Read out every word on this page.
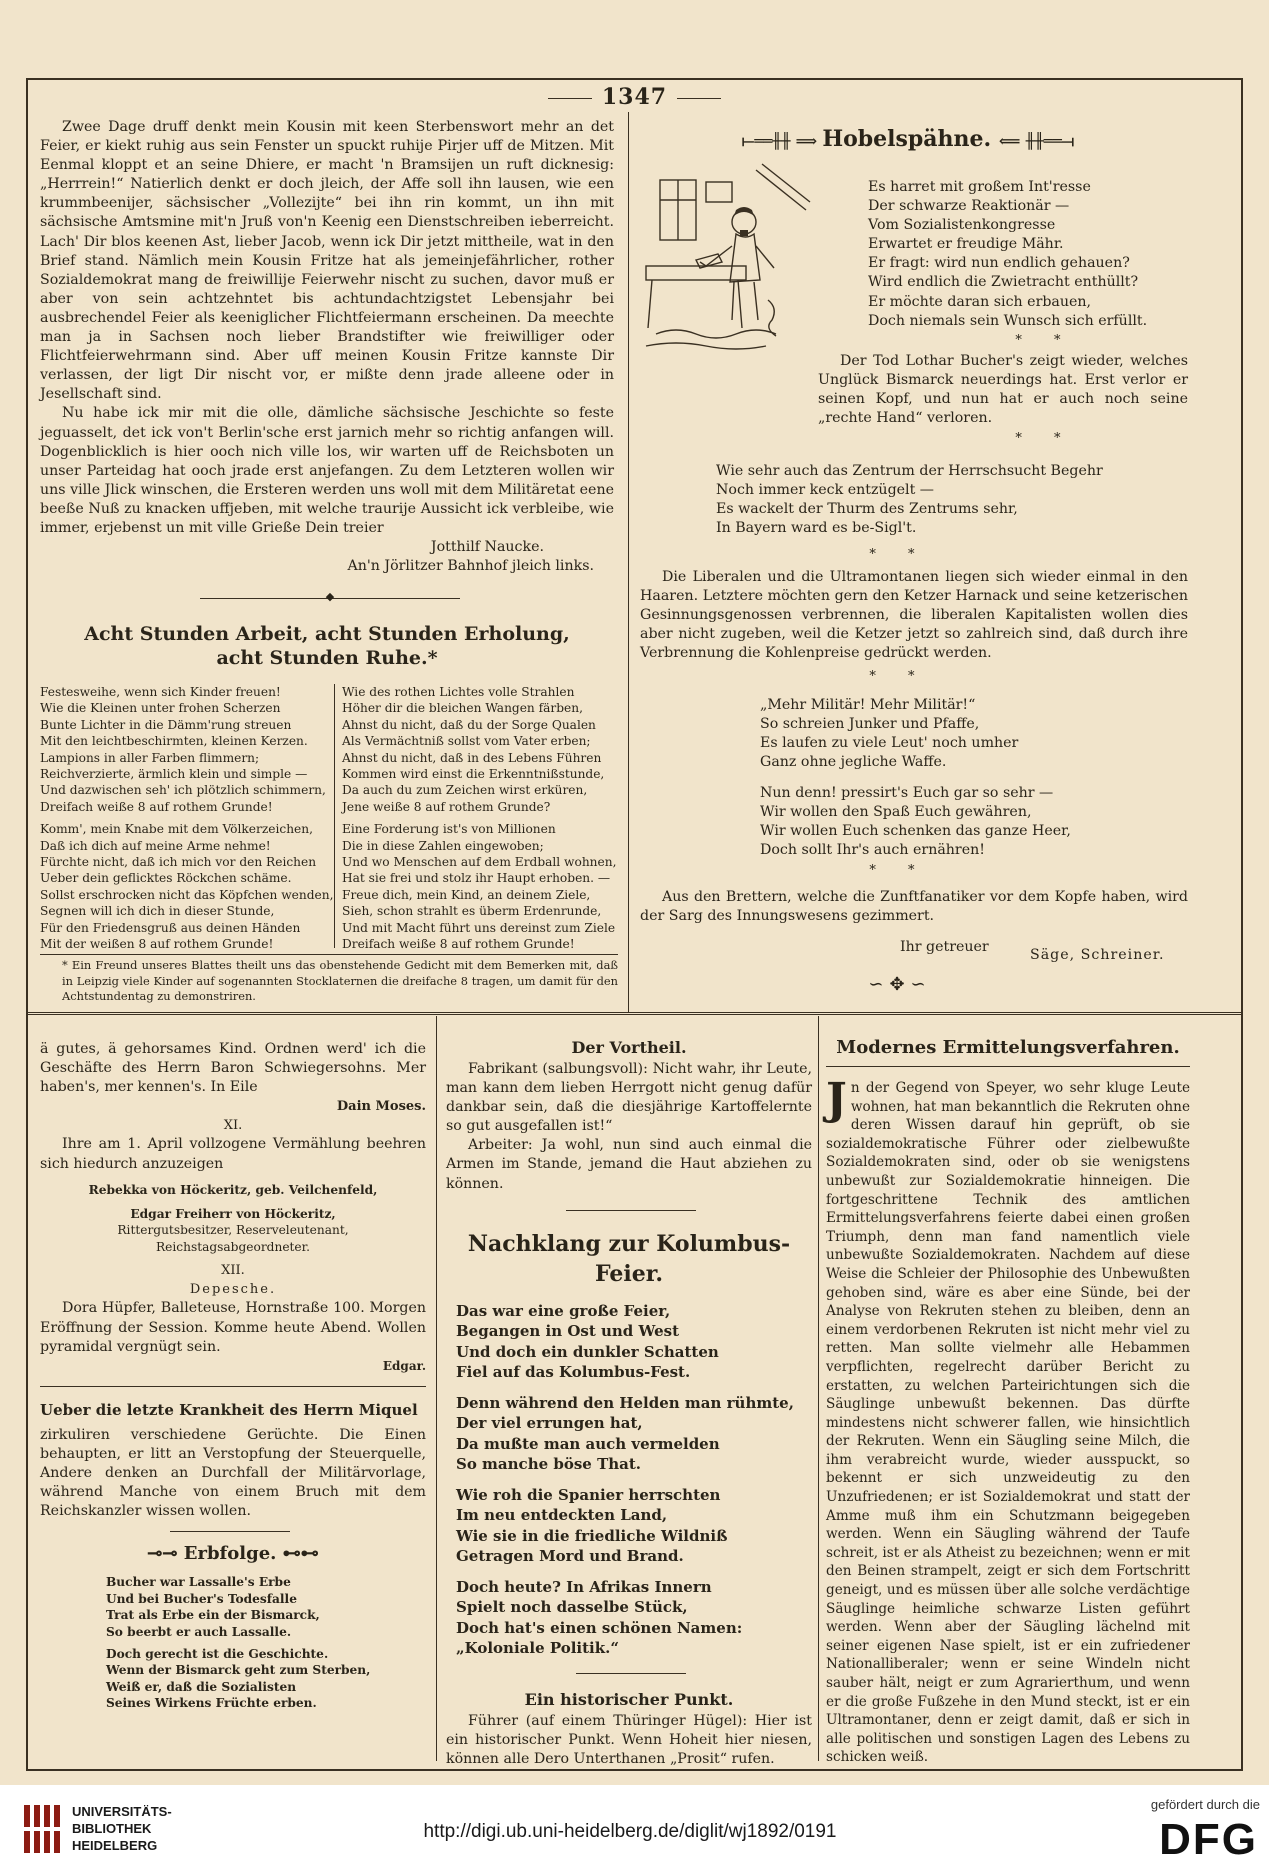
1347

Zwee Dage druff denkt mein Kousin mit keen Sterbenswort mehr an det Feier, er kiekt ruhig aus sein Fenster un spuckt ruhije Pirjer uff de Mitzen. Mit Eenmal kloppt et an seine Dhiere, er macht 'n Bramsijen un ruft dicknesig: „Herrrein!“ Natierlich denkt er doch jleich, der Affe soll ihn lausen, wie een krummbeenijer, sächsischer „Vollezijte“ bei ihn rin kommt, un ihn mit sächsische Amtsmine mit'n Jruß von'n Keenig een Dienstschreiben ieberreicht. Lach' Dir blos keenen Ast, lieber Jacob, wenn ick Dir jetzt mittheile, wat in den Brief stand. Nämlich mein Kousin Fritze hat als jemeinjefährlicher, rother Sozialdemokrat mang de freiwillije Feierwehr nischt zu suchen, davor muß er aber von sein achtzehntet bis achtundachtzigstet Lebensjahr bei ausbrechendel Feier als keeniglicher Flichtfeiermann erscheinen. Da meechte man ja in Sachsen noch lieber Brandstifter wie freiwilliger oder Flichtfeierwehrmann sind. Aber uff meinen Kousin Fritze kannste Dir verlassen, der ligt Dir nischt vor, er mißte denn jrade alleene oder in Jesellschaft sind.

Nu habe ick mir mit die olle, dämliche sächsische Jeschichte so feste jeguasselt, det ick von't Berlin'sche erst jarnich mehr so richtig anfangen will. Dogenblicklich is hier ooch nich ville los, wir warten uff de Reichsboten un unser Parteidag hat ooch jrade erst anjefangen. Zu dem Letzteren wollen wir uns ville Jlick winschen, die Ersteren werden uns woll mit dem Militäretat eene beeße Nuß zu knacken uffjeben, mit welche traurije Aussicht ick verbleibe, wie immer, erjebenst un mit ville Grieße Dein treier

Jotthilf Naucke.
An'n Jörlitzer Bahnhof jleich links.
◆
Acht Stunden Arbeit, acht Stunden Erholung,
acht Stunden Ruhe.*
Festesweihe, wenn sich Kinder freuen!
Wie die Kleinen unter frohen Scherzen
Bunte Lichter in die Dämm'rung streuen
Mit den leichtbeschirmten, kleinen Kerzen.
Lampions in aller Farben flimmern;
Reichverzierte, ärmlich klein und simple —
Und dazwischen seh' ich plötzlich schimmern,
Dreifach weiße 8 auf rothem Grunde!

Komm', mein Knabe mit dem Völkerzeichen,
Daß ich dich auf meine Arme nehme!
Fürchte nicht, daß ich mich vor den Reichen
Ueber dein geflicktes Röckchen schäme.
Sollst erschrocken nicht das Köpfchen wenden,
Segnen will ich dich in dieser Stunde,
Für den Friedensgruß aus deinen Händen
Mit der weißen 8 auf rothem Grunde!
Wie des rothen Lichtes volle Strahlen
Höher dir die bleichen Wangen färben,
Ahnst du nicht, daß du der Sorge Qualen
Als Vermächtniß sollst vom Vater erben;
Ahnst du nicht, daß in des Lebens Führen
Kommen wird einst die Erkenntnißstunde,
Da auch du zum Zeichen wirst erküren,
Jene weiße 8 auf rothem Grunde?

Eine Forderung ist's von Millionen
Die in diese Zahlen eingewoben;
Und wo Menschen auf dem Erdball wohnen,
Hat sie frei und stolz ihr Haupt erhoben. —
Freue dich, mein Kind, an deinem Ziele,
Sieh, schon strahlt es überm Erdenrunde,
Und mit Macht führt uns dereinst zum Ziele
Dreifach weiße 8 auf rothem Grunde!
* Ein Freund unseres Blattes theilt uns das obenstehende Gedicht mit dem Bemerken mit, daß in Leipzig viele Kinder auf sogenannten Stocklaternen die dreifache 8 tragen, um damit für den Achtstundentag zu demonstriren.
⟝══╫╫ ⟹ Hobelspähne. ⟸ ╫╫══⟞
Es harret mit großem Int'resse
Der schwarze Reaktionär —
Vom Sozialistenkongresse
Erwartet er freudige Mähr.
Er fragt: wird nun endlich gehauen?
Wird endlich die Zwietracht enthüllt?
Er möchte daran sich erbauen,
Doch niemals sein Wunsch sich erfüllt.
* *
Der Tod Lothar Bucher's zeigt wieder, welches Unglück Bismarck neuerdings hat. Erst verlor er seinen Kopf, und nun hat er auch noch seine „rechte Hand“ verloren.
* *
Wie sehr auch das Zentrum der Herrschsucht Begehr
Noch immer keck entzügelt —
Es wackelt der Thurm des Zentrums sehr,
In Bayern ward es be-Sigl't.
* *
Die Liberalen und die Ultramontanen liegen sich wieder einmal in den Haaren. Letztere möchten gern den Ketzer Harnack und seine ketzerischen Gesinnungsgenossen verbrennen, die liberalen Kapitalisten wollen dies aber nicht zugeben, weil die Ketzer jetzt so zahlreich sind, daß durch ihre Verbrennung die Kohlenpreise gedrückt werden.
* *
„Mehr Militär! Mehr Militär!“
So schreien Junker und Pfaffe,
Es laufen zu viele Leut' noch umher
Ganz ohne jegliche Waffe.
Nun denn! pressirt's Euch gar so sehr —
Wir wollen den Spaß Euch gewähren,
Wir wollen Euch schenken das ganze Heer,
Doch sollt Ihr's auch ernähren!
* *
Aus den Brettern, welche die Zunftfanatiker vor dem Kopfe haben, wird der Sarg des Innungswesens gezimmert.
Ihr getreuer	Säge, Schreiner.
∽✥∽

ä gutes, ä gehorsames Kind. Ordnen werd' ich die Geschäfte des Herrn Baron Schwiegersohns. Mer haben's, mer kennen's. In Eile

Dain Moses.
XI.

Ihre am 1. April vollzogene Vermählung beehren sich hiedurch anzuzeigen

Rebekka von Höckeritz, geb. Veilchenfeld,
Edgar Freiherr von Höckeritz,
Rittergutsbesitzer, Reserveleutenant, Reichstagsabgeordneter.
XII.
Depesche.

Dora Hüpfer, Balleteuse, Hornstraße 100. Morgen Eröffnung der Session. Komme heute Abend. Wollen pyramidal vergnügt sein.

Edgar.
Ueber die letzte Krankheit des Herrn Miquel

zirkuliren verschiedene Gerüchte. Die Einen behaupten, er litt an Verstopfung der Steuerquelle, Andere denken an Durchfall der Militärvorlage, während Manche von einem Bruch mit dem Reichskanzler wissen wollen.

⊸⊸ Erbfolge. ⊷⊷
Bucher war Lassalle's Erbe
Und bei Bucher's Todesfalle
Trat als Erbe ein der Bismarck,
So beerbt er auch Lassalle.
Doch gerecht ist die Geschichte.
Wenn der Bismarck geht zum Sterben,
Weiß er, daß die Sozialisten
Seines Wirkens Früchte erben.
Der Vortheil.

Fabrikant (salbungsvoll): Nicht wahr, ihr Leute, man kann dem lieben Herrgott nicht genug dafür dankbar sein, daß die diesjährige Kartoffelernte so gut ausgefallen ist!“

Arbeiter: Ja wohl, nun sind auch einmal die Armen im Stande, jemand die Haut abziehen zu können.

Nachklang zur Kolumbus-Feier.
Das war eine große Feier,
Begangen in Ost und West
Und doch ein dunkler Schatten
Fiel auf das Kolumbus-Fest.
Denn während den Helden man rühmte,
Der viel errungen hat,
Da mußte man auch vermelden
So manche böse That.
Wie roh die Spanier herrschten
Im neu entdeckten Land,
Wie sie in die friedliche Wildniß
Getragen Mord und Brand.
Doch heute? In Afrikas Innern
Spielt noch dasselbe Stück,
Doch hat's einen schönen Namen:
„Koloniale Politik.“
Ein historischer Punkt.

Führer (auf einem Thüringer Hügel): Hier ist ein historischer Punkt. Wenn Hoheit hier niesen, können alle Dero Unterthanen „Prosit“ rufen.

Modernes Ermittelungsverfahren.
Jn der Gegend von Speyer, wo sehr kluge Leute wohnen, hat man bekanntlich die Rekruten ohne deren Wissen darauf hin geprüft, ob sie sozialdemokratische Führer oder zielbewußte Sozialdemokraten sind, oder ob sie wenigstens unbewußt zur Sozialdemokratie hinneigen. Die fortgeschrittene Technik des amtlichen Ermittelungsverfahrens feierte dabei einen großen Triumph, denn man fand namentlich viele unbewußte Sozialdemokraten. Nachdem auf diese Weise die Schleier der Philosophie des Unbewußten gehoben sind, wäre es aber eine Sünde, bei der Analyse von Rekruten stehen zu bleiben, denn an einem verdorbenen Rekruten ist nicht mehr viel zu retten. Man sollte vielmehr alle Hebammen verpflichten, regelrecht darüber Bericht zu erstatten, zu welchen Parteirichtungen sich die Säuglinge unbewußt bekennen. Das dürfte mindestens nicht schwerer fallen, wie hinsichtlich der Rekruten. Wenn ein Säugling seine Milch, die ihm verabreicht wurde, wieder ausspuckt, so bekennt er sich unzweideutig zu den Unzufriedenen; er ist Sozialdemokrat und statt der Amme muß ihm ein Schutzmann beigegeben werden. Wenn ein Säugling während der Taufe schreit, ist er als Atheist zu bezeichnen; wenn er mit den Beinen strampelt, zeigt er sich dem Fortschritt geneigt, und es müssen über alle solche verdächtige Säuglinge heimliche schwarze Listen geführt werden. Wenn aber der Säugling lächelnd mit seiner eigenen Nase spielt, ist er ein zufriedener Nationalliberaler; wenn er seine Windeln nicht sauber hält, neigt er zum Agrarierthum, und wenn er die große Fußzehe in den Mund steckt, ist er ein Ultramontaner, denn er zeigt damit, daß er sich in alle politischen und sonstigen Lagen des Lebens zu schicken weiß.
UNIVERSITÄTS-
BIBLIOTHEK
HEIDELBERG
http://digi.ub.uni-heidelberg.de/diglit/wj1892/0191
gefördert durch die
DFG
